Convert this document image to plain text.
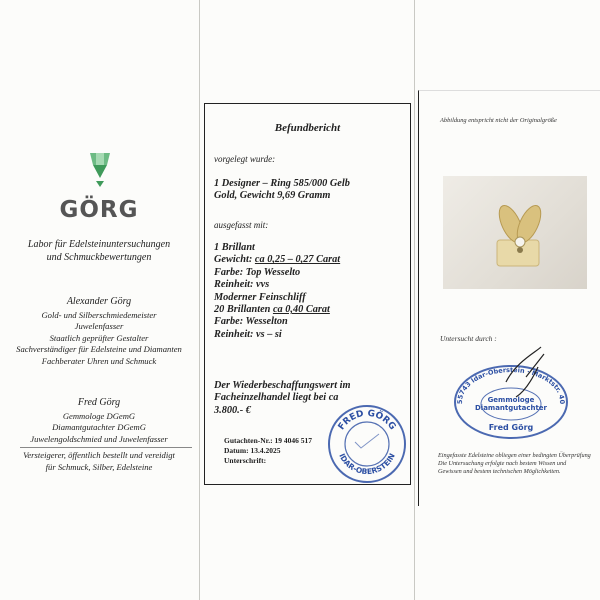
GÖRG
Labor für Edelsteinuntersuchungen
und Schmuckbewertungen
Alexander Görg
Gold- und Silberschmiedemeister
Juwelenfasser
Staatlich geprüfter Gestalter
Sachverständiger für Edelsteine und Diamanten
Fachberater Uhren und Schmuck
Fred Görg
Gemmologe DGemG
Diamantgutachter DGemG
Juwelengoldschmied und Juwelenfasser
Versteigerer, öffentlich bestellt und vereidigt
für Schmuck, Silber, Edelsteine
Befundbericht
vorgelegt wurde:
1 Designer – Ring 585/000 Gelb
Gold, Gewicht 9,69 Gramm
ausgefasst mit:
1 Brillant
Gewicht: ca 0,25 – 0,27 Carat
Farbe: Top Wesselto
Reinheit: vvs
Moderner Feinschliff
20 Brillanten ca 0,40 Carat
Farbe: Wesselton
Reinheit: vs – si
Der Wiederbeschaffungswert im
Facheinzelhandel liegt bei ca
3.800.- €
Gutachten-Nr.: 19 4046 517
Datum: 13.4.2025
Unterschrift:
FRED GÖRG
IDAR-OBERSTEIN
Abbildung entspricht nicht der Originalgröße
Untersucht durch :
55743 Idar-Oberstein · Marktstr. 40
Gemmologe
Diamantgutachter
Fred Görg
Eingefasste Edelsteine obliegen einer bedingten Überprüfung
Die Untersuchung erfolgte nach bestem Wissen und
Gewissen und bestem technischen Möglichkeiten.
